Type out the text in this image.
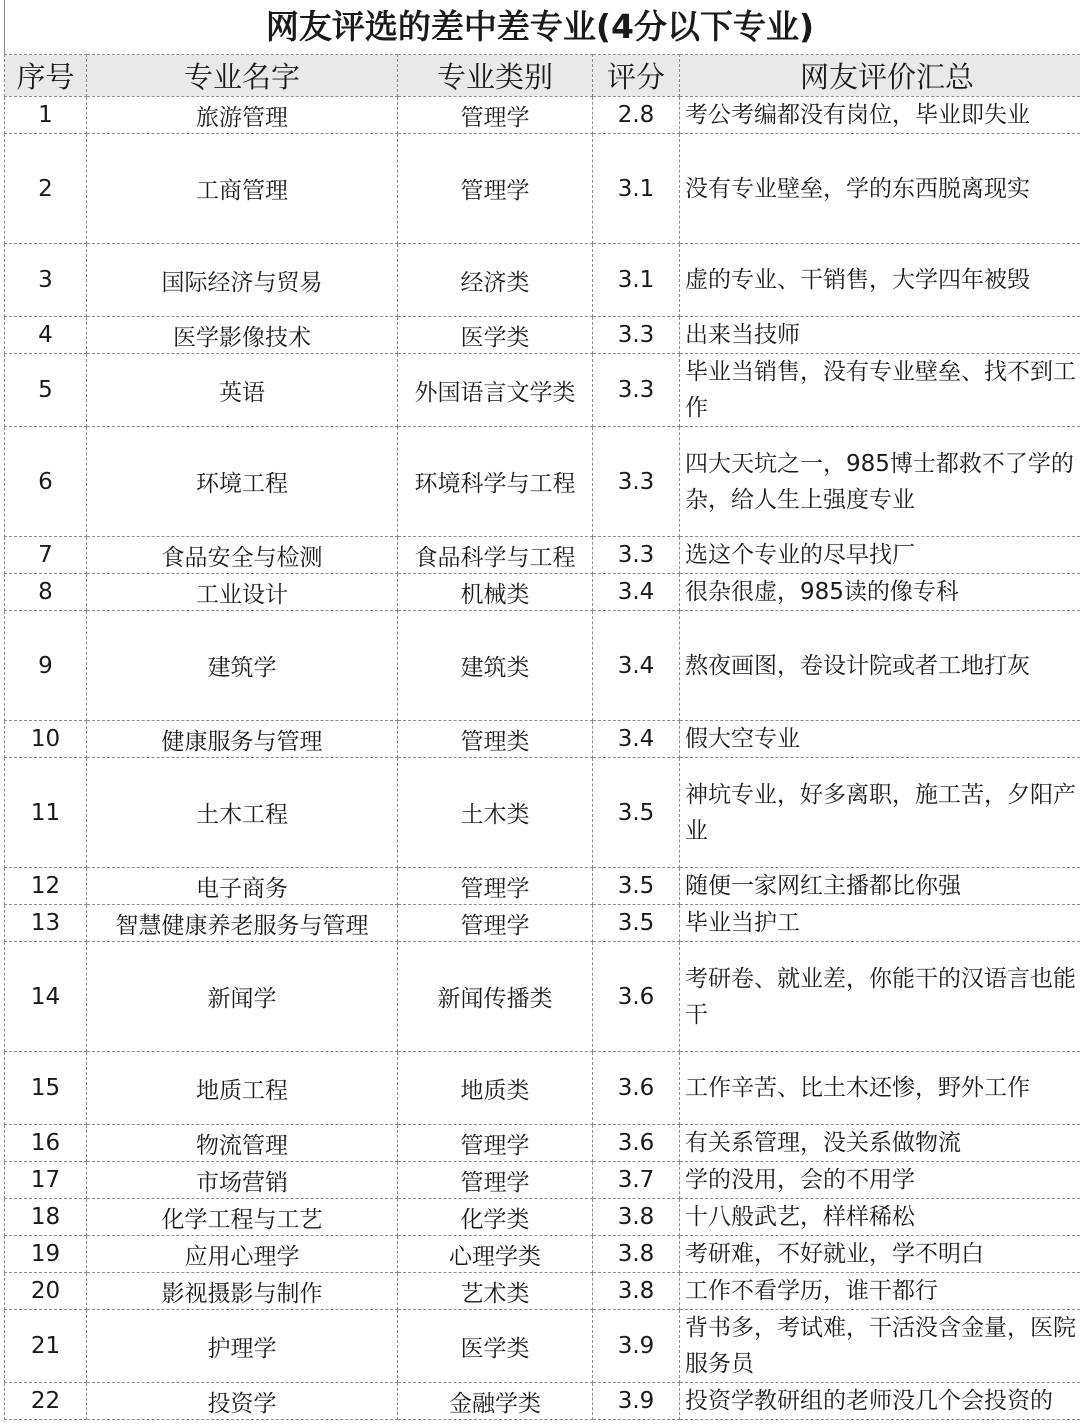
网友评选的差中差专业(4分以下专业)
序号	专业名字	专业类别	评分	网友评价汇总
1	旅游管理	管理学	2.8	考公考编都没有岗位，毕业即失业
2	工商管理	管理学	3.1	没有专业壁垒，学的东西脱离现实
3	国际经济与贸易	经济类	3.1	虚的专业、干销售，大学四年被毁
4	医学影像技术	医学类	3.3	出来当技师
5	英语	外国语言文学类	3.3	毕业当销售，没有专业壁垒、找不到工作
6	环境工程	环境科学与工程	3.3	四大天坑之一，985博士都救不了学的杂，给人生上强度专业
7	食品安全与检测	食品科学与工程	3.3	选这个专业的尽早找厂
8	工业设计	机械类	3.4	很杂很虚，985读的像专科
9	建筑学	建筑类	3.4	熬夜画图，卷设计院或者工地打灰
10	健康服务与管理	管理类	3.4	假大空专业
11	土木工程	土木类	3.5	神坑专业，好多离职，施工苦，夕阳产业
12	电子商务	管理学	3.5	随便一家网红主播都比你强
13	智慧健康养老服务与管理	管理学	3.5	毕业当护工
14	新闻学	新闻传播类	3.6	考研卷、就业差，你能干的汉语言也能干
15	地质工程	地质类	3.6	工作辛苦、比土木还惨，野外工作
16	物流管理	管理学	3.6	有关系管理，没关系做物流
17	市场营销	管理学	3.7	学的没用，会的不用学
18	化学工程与工艺	化学类	3.8	十八般武艺，样样稀松
19	应用心理学	心理学类	3.8	考研难，不好就业，学不明白
20	影视摄影与制作	艺术类	3.8	工作不看学历，谁干都行
21	护理学	医学类	3.9	背书多，考试难，干活没含金量，医院服务员
22	投资学	金融学类	3.9	投资学教研组的老师没几个会投资的
